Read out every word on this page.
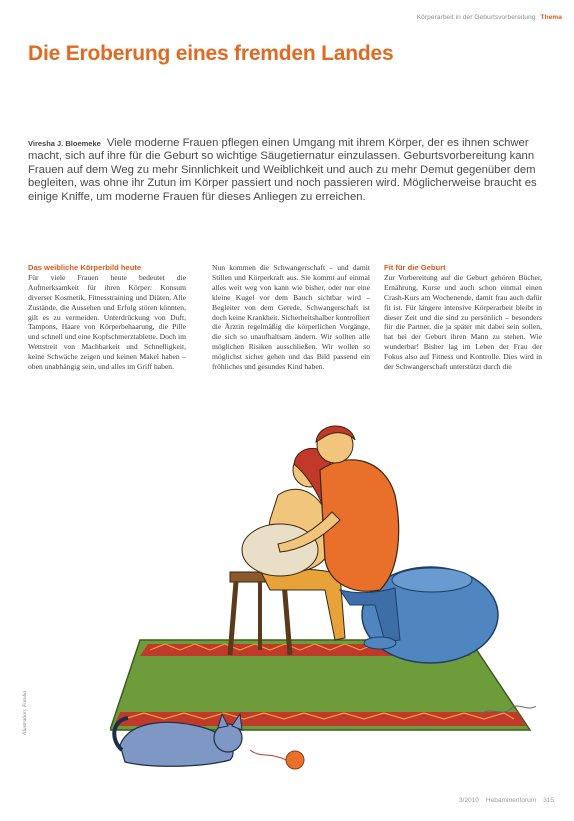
Körperarbeit in der Geburtsvorbereitung Thema
Die Eroberung eines fremden Landes

Viresha J. Bloemeke Viele moderne Frauen pflegen einen Umgang mit ihrem Körper, der es ihnen schwer macht, sich auf ihre für die Geburt so wichtige Säugetiernatur einzulassen. Geburtsvorbereitung kann Frauen auf dem Weg zu mehr Sinnlichkeit und Weiblichkeit und auch zu mehr Demut gegenüber dem begleiten, was ohne ihr Zutun im Körper passiert und noch passieren wird. Möglicherweise braucht es einige Kniffe, um moderne Frauen für dieses Anliegen zu erreichen.

Das weibliche Körperbild heute
Für viele Frauen heute bedeutet die Aufmerksamkeit für ihren Körper: Konsum diverser Kosmetik, Fitnesstraining und Diäten. Alle Zustände, die Aussehen und Erfolg stören könnten, gilt es zu vermeiden. Unterdrückung von Duft, Tampons, Haare von Körperbehaarung, die Pille und schnell und eine Kopfschmerztablette. Doch im Wettstreit von Machbarkeit und Schnelligkeit, keine Schwäche zeigen und keinen Makel haben – oben unabhängig sein, und alles im Griff haben.

Nun kommen die Schwangerschaft – und damit Stillen und Körperkraft aus. Sie kommt auf einmal alles weit weg von kann wie bisher, oder nur eine kleine Kugel vor dem Bauch sichtbar wird – Begleiter von dem Gerede. Schwangerschaft ist doch keine Krankheit. Sicherheitshalber kontrolliert die Ärztin regelmäßig die körperlichen Vorgänge, die sich so unaufhaltsam ändern. Wir sollten alle möglichen Risiken ausschließen. Wir wollen so möglichst sicher gehen und das Bild passend ein fröhliches und gesundes Kind haben.

Fit für die Geburt
Zur Vorbereitung auf die Geburt gehören Bücher, Ernährung, Kurse und auch schon einmal einen Crash-Kurs am Wochenende, damit frau auch dafür fit ist. Für längere intensive Körperarbeit bleibt in dieser Zeit und die sind zu persönlich – besonders für die Partner, die ja später mit dabei sein sollen, hat bei der Geburt ihren Mann zu stehen. Wie wunderbar! Bisher lag im Leben der Frau der Fokus also auf Fitness und Kontrolle. Dies wird in der Schwangerschaft unterstützt durch die

Illustration: Fotolia
3/2010 Hebammenforum 315
